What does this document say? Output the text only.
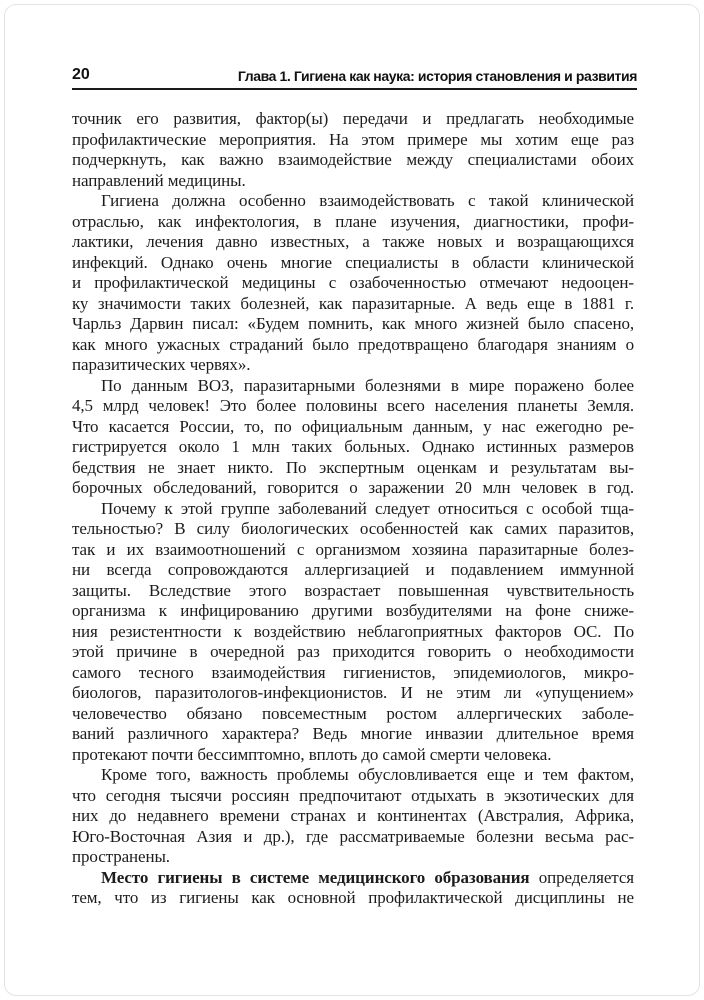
20	Глава 1. Гигиена как наука: история становления и развития
точник его развития, фактор(ы) передачи и предлагать необходимые
профилактические мероприятия. На этом примере мы хотим еще раз
подчеркнуть, как важно взаимодействие между специалистами обоих
направлений медицины.
Гигиена должна особенно взаимодействовать с такой клинической
отраслью, как инфектология, в плане изучения, диагностики, профи-
лактики, лечения давно известных, а также новых и возращающихся
инфекций. Однако очень многие специалисты в области клинической
и профилактической медицины с озабоченностью отмечают недооцен-
ку значимости таких болезней, как паразитарные. А ведь еще в 1881 г.
Чарльз Дарвин писал: «Будем помнить, как много жизней было спасено,
как много ужасных страданий было предотвращено благодаря знаниям о
паразитических червях».
По данным ВОЗ, паразитарными болезнями в мире поражено более
4,5 млрд человек! Это более половины всего населения планеты Земля.
Что касается России, то, по официальным данным, у нас ежегодно ре-
гистрируется около 1 млн таких больных. Однако истинных размеров
бедствия не знает никто. По экспертным оценкам и результатам вы-
борочных обследований, говорится о заражении 20 млн человек в год.
Почему к этой группе заболеваний следует относиться с особой тща-
тельностью? В силу биологических особенностей как самих паразитов,
так и их взаимоотношений с организмом хозяина паразитарные болез-
ни всегда сопровождаются аллергизацией и подавлением иммунной
защиты. Вследствие этого возрастает повышенная чувствительность
организма к инфицированию другими возбудителями на фоне сниже-
ния резистентности к воздействию неблагоприятных факторов ОС. По
этой причине в очередной раз приходится говорить о необходимости
самого тесного взаимодействия гигиенистов, эпидемиологов, микро-
биологов, паразитологов-инфекционистов. И не этим ли «упущением»
человечество обязано повсеместным ростом аллергических заболе-
ваний различного характера? Ведь многие инвазии длительное время
протекают почти бессимптомно, вплоть до самой смерти человека.
Кроме того, важность проблемы обусловливается еще и тем фактом,
что сегодня тысячи россиян предпочитают отдыхать в экзотических для
них до недавнего времени странах и континентах (Австралия, Африка,
Юго-Восточная Азия и др.), где рассматриваемые болезни весьма рас-
пространены.
Место гигиены в системе медицинского образования определяется
тем, что из гигиены как основной профилактической дисциплины не
